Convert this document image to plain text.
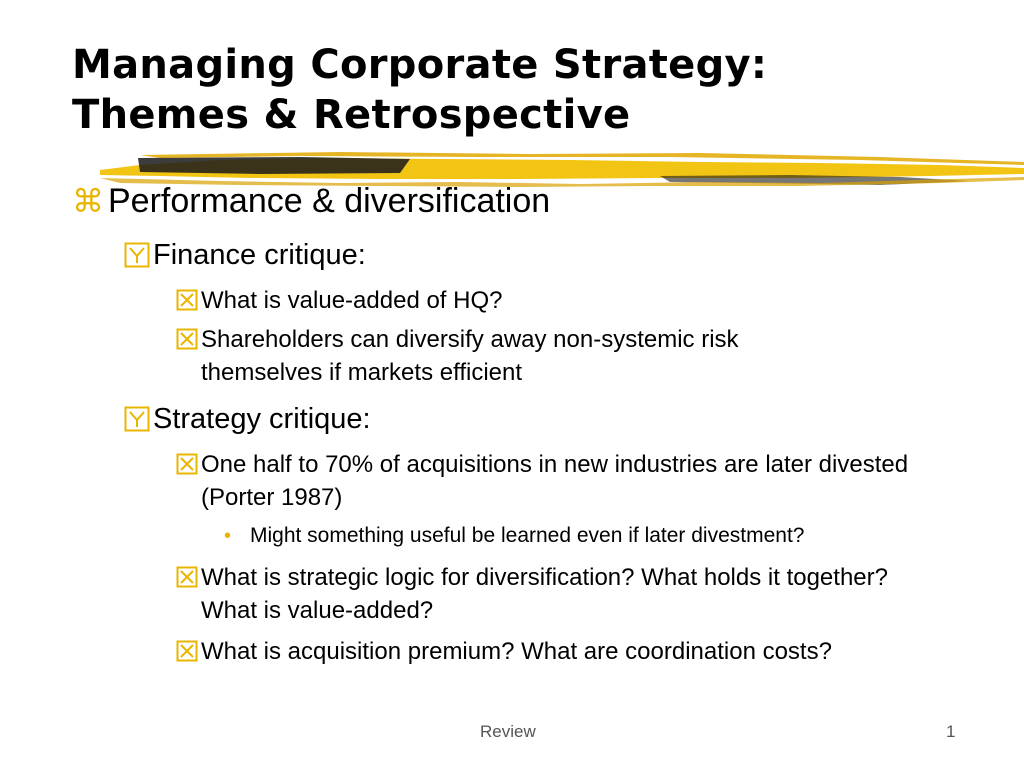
Managing Corporate Strategy:
Themes & Retrospective
⌘ Performance & diversification
Finance critique:
What is value-added of HQ?
Shareholders can diversify away non-systemic risk themselves if markets efficient
Strategy critique:
One half to 70% of acquisitions in new industries are later divested (Porter 1987)
• Might something useful be learned even if later divestment?
What is strategic logic for diversification? What holds it together? What is value-added?
What is acquisition premium? What are coordination costs?
Review	1
